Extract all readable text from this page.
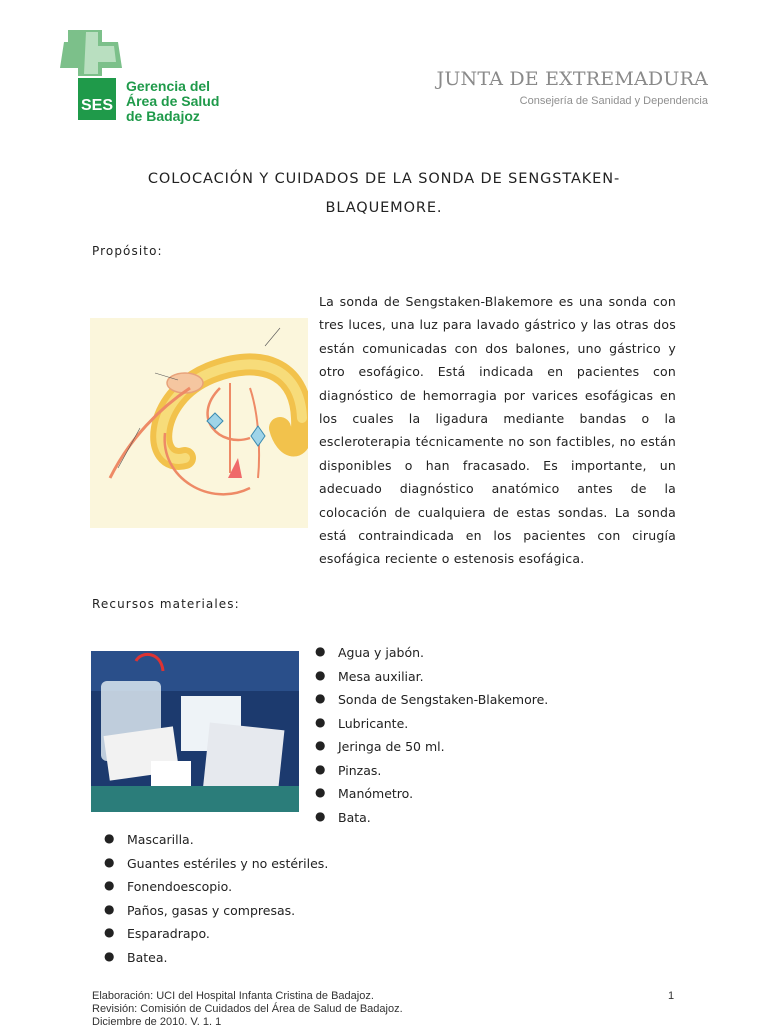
SES
Gerencia del
Área de Salud
de Badajoz
JUNTA DE EXTREMADURA
Consejería de Sanidad y Dependencia
COLOCACIÓN Y CUIDADOS DE LA SONDA DE SENGSTAKEN-
BLAQUEMORE.
Propósito:
La sonda de Sengstaken-Blakemore es una sonda con tres luces, una luz para lavado gástrico y las otras dos están comunicadas con dos balones, uno gástrico y otro esofágico. Está indicada en pacientes con diagnóstico de hemorragia por varices esofágicas en los cuales la ligadura mediante bandas o la escleroterapia técnicamente no son factibles, no están disponibles o han fracasado. Es importante, un adecuado diagnóstico anatómico antes de la colocación de cualquiera de estas sondas. La sonda está contraindicada en los pacientes con cirugía esofágica reciente o estenosis esofágica.
Recursos materiales:
● Agua y jabón.
● Mesa auxiliar.
● Sonda de Sengstaken-Blakemore.
● Lubricante.
● Jeringa de 50 ml.
● Pinzas.
● Manómetro.
● Bata.
● Mascarilla.
● Guantes estériles y no estériles.
● Fonendoescopio.
● Paños, gasas y compresas.
● Esparadrapo.
● Batea.
Elaboración: UCI del Hospital Infanta Cristina de Badajoz.
Revisión: Comisión de Cuidados del Área de Salud de Badajoz.
Diciembre de 2010. V. 1. 1
1
